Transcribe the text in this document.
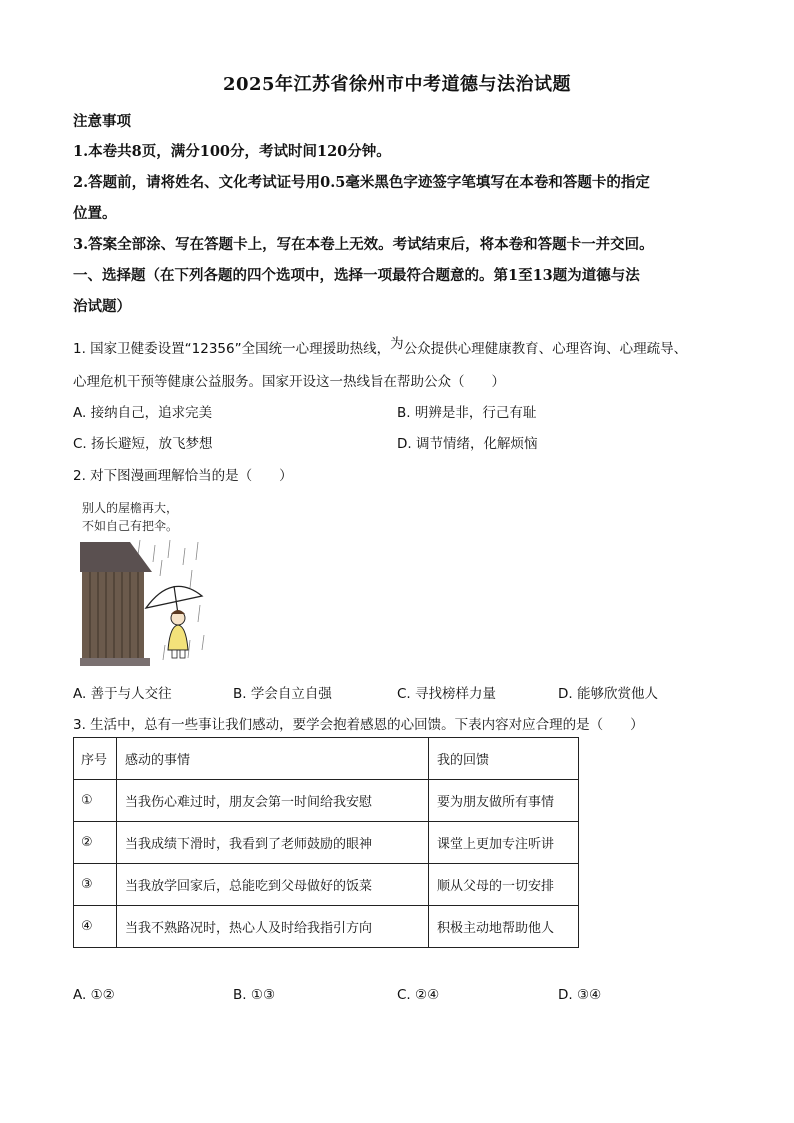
2025年江苏省徐州市中考道德与法治试题
注意事项
1.本卷共8页，满分100分，考试时间120分钟。
2.答题前，请将姓名、文化考试证号用0.5毫米黑色字迹签字笔填写在本卷和答题卡的指定
位置。
3.答案全部涂、写在答题卡上，写在本卷上无效。考试结束后，将本卷和答题卡一并交回。
一、选择题（在下列各题的四个选项中，选择一项最符合题意的。第1至13题为道德与法
治试题）
1. 国家卫健委设置“12356”全国统一心理援助热线，为公众提供心理健康教育、心理咨询、心理疏导、
心理危机干预等健康公益服务。国家开设这一热线旨在帮助公众（　　）
A. 接纳自己，追求完美	B. 明辨是非，行己有耻
C. 扬长避短，放飞梦想	D. 调节情绪，化解烦恼
2. 对下图漫画理解恰当的是（　　）
别人的屋檐再大，
不如自己有把伞。
A. 善于与人交往	B. 学会自立自强	C. 寻找榜样力量	D. 能够欣赏他人
3. 生活中，总有一些事让我们感动，要学会抱着感恩的心回馈。下表内容对应合理的是（　　）
序号	感动的事情	我的回馈
①	当我伤心难过时，朋友会第一时间给我安慰	要为朋友做所有事情
②	当我成绩下滑时，我看到了老师鼓励的眼神	课堂上更加专注听讲
③	当我放学回家后，总能吃到父母做好的饭菜	顺从父母的一切安排
④	当我不熟路况时，热心人及时给我指引方向	积极主动地帮助他人
A. ①②	B. ①③	C. ②④	D. ③④
